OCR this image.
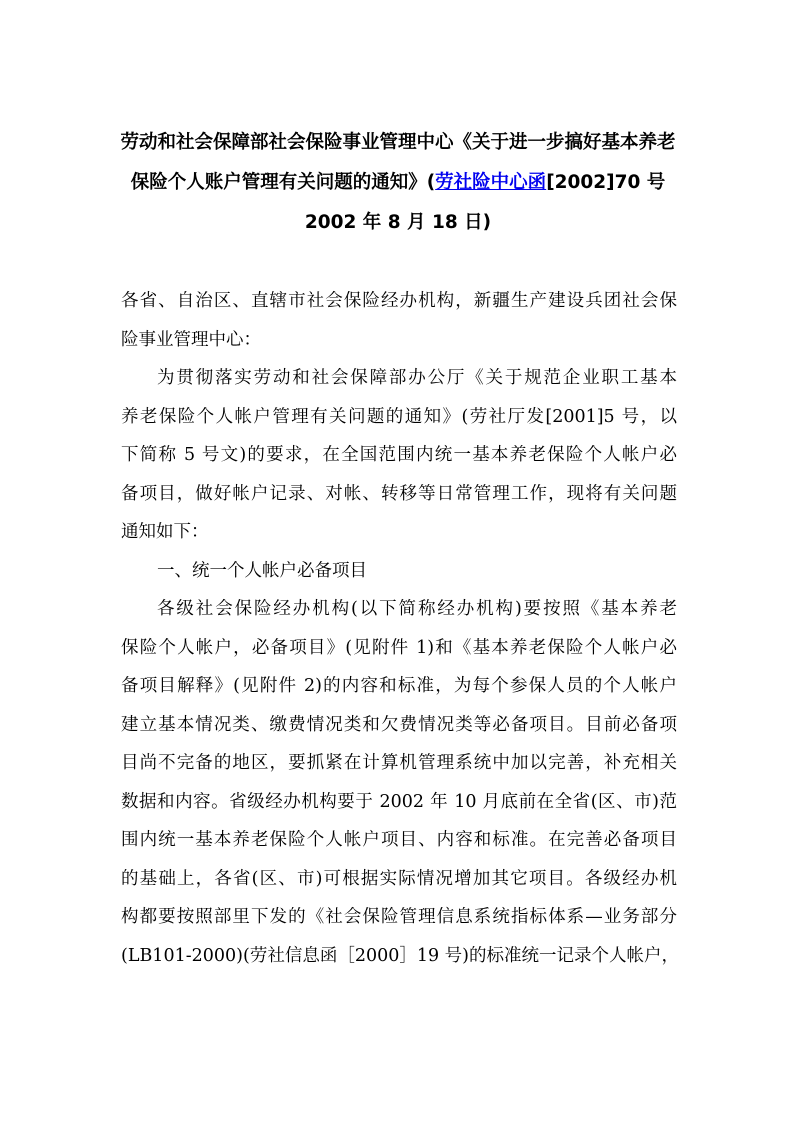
劳动和社会保障部社会保险事业管理中心《关于进一步搞好基本养老
保险个人账户管理有关问题的通知》(劳社险中心函[2002]70 号
2002 年 8 月 18 日)
各省、自治区、直辖市社会保险经办机构，新疆生产建设兵团社会保
险事业管理中心：
为贯彻落实劳动和社会保障部办公厅《关于规范企业职工基本
养老保险个人帐户管理有关问题的通知》(劳社厅发[2001]5 号，以
下简称 5 号文)的要求，在全国范围内统一基本养老保险个人帐户必
备项目，做好帐户记录、对帐、转移等日常管理工作，现将有关问题
通知如下：
一、统一个人帐户必备项目
各级社会保险经办机构(以下简称经办机构)要按照《基本养老
保险个人帐户，必备项目》(见附件 1)和《基本养老保险个人帐户必
备项目解释》(见附件 2)的内容和标准，为每个参保人员的个人帐户
建立基本情况类、缴费情况类和欠费情况类等必备项目。目前必备项
目尚不完备的地区，要抓紧在计算机管理系统中加以完善，补充相关
数据和内容。省级经办机构要于 2002 年 10 月底前在全省(区、市)范
围内统一基本养老保险个人帐户项目、内容和标准。在完善必备项目
的基础上，各省(区、市)可根据实际情况增加其它项目。各级经办机
构都要按照部里下发的《社会保险管理信息系统指标体系—业务部分
(LB101-2000)(劳社信息函［2000］19 号)的标准统一记录个人帐户，
